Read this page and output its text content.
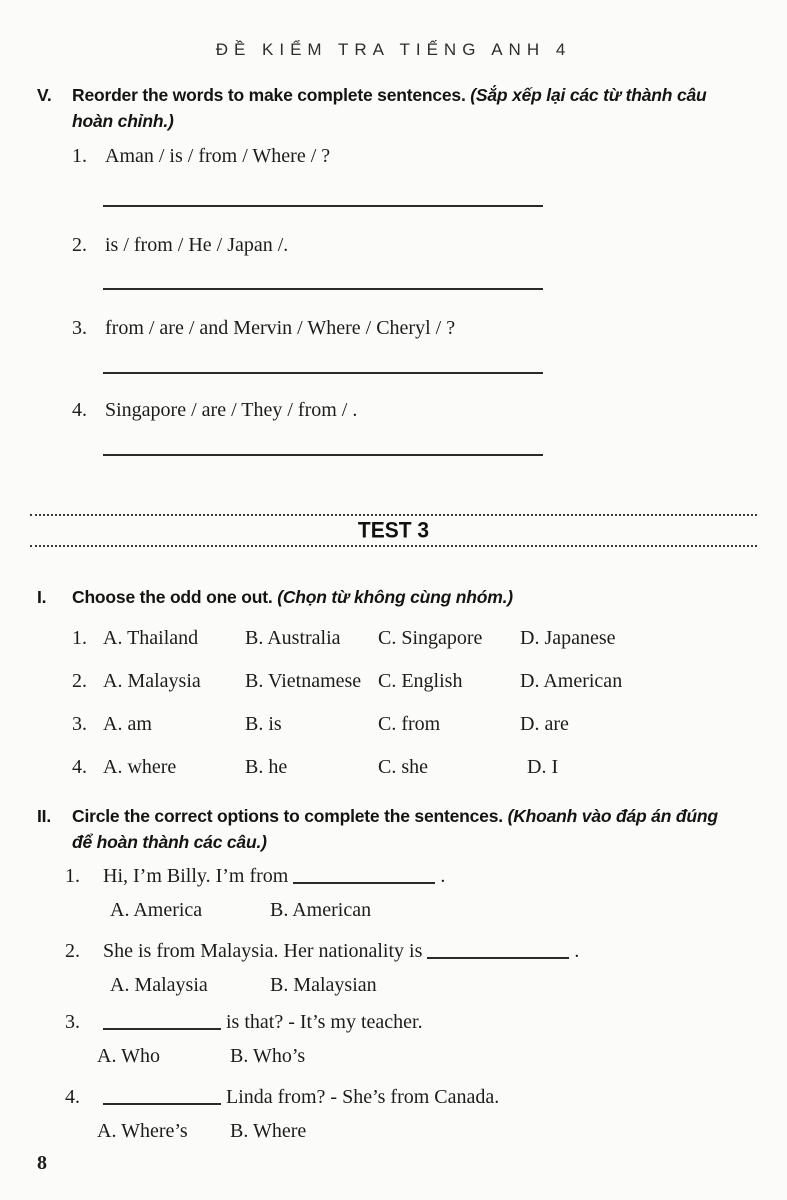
ĐỀ KIỂM TRA TIẾNG ANH 4
V.	Reorder the words to make complete sentences. (Sắp xếp lại các từ thành câu hoàn chỉnh.)
1. Aman / is / from / Where / ?
2. is / from / He / Japan /.
3. from / are / and Mervin / Where / Cheryl / ?
4. Singapore / are / They / from / .
TEST 3
I.	Choose the odd one out. (Chọn từ không cùng nhóm.)
1. A. Thailand	B. Australia	C. Singapore	D. Japanese
2. A. Malaysia	B. Vietnamese C. English	D. American
3. A. am	B. is	C. from	D. are
4. A. where	B. he	C. she	D. I
II.	Circle the correct options to complete the sentences. (Khoanh vào đáp án đúng để hoàn thành các câu.)
1.	Hi, I’m Billy. I’m from	.
A. America	B. American
2.	She is from Malaysia. Her nationality is	.
A. Malaysia	B. Malaysian
3.	is that? - It’s my teacher.
A. Who	B. Who’s
4.	Linda from? - She’s from Canada.
A. Where’s	B. Where
8
